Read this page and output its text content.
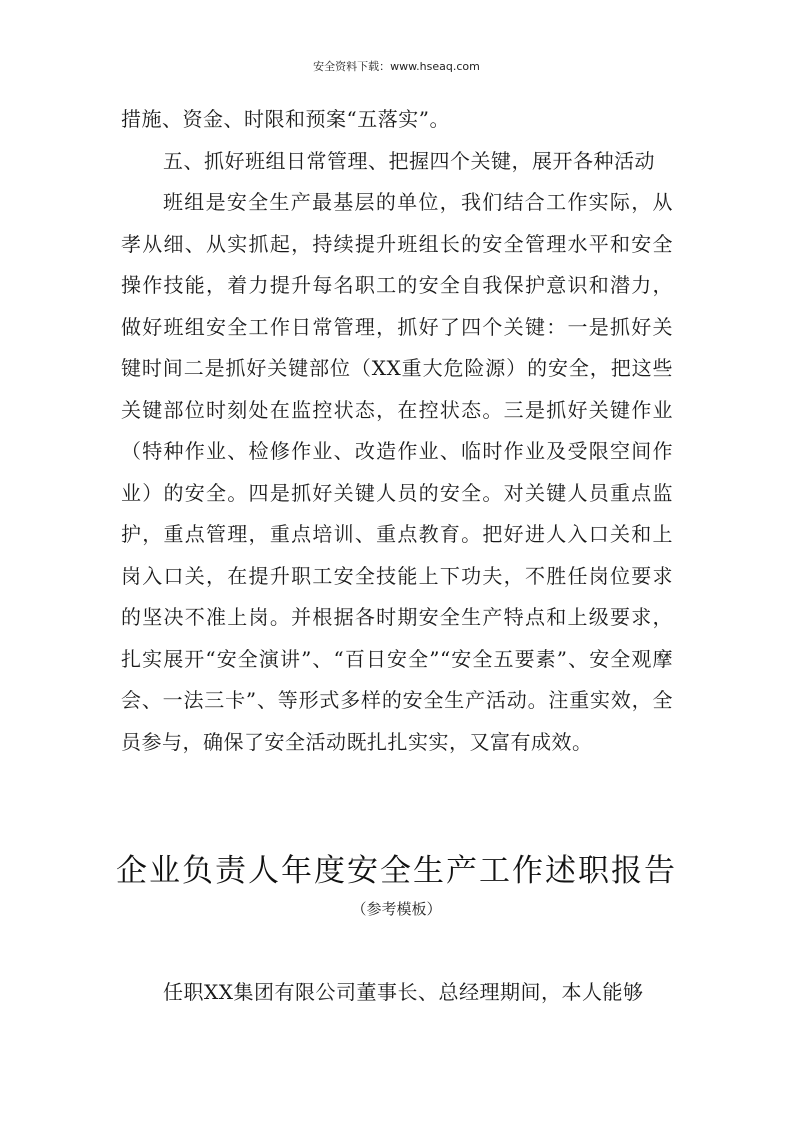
安全资料下载：www.hseaq.com

措施、资金、时限和预案“五落实”。

五、抓好班组日常管理、把握四个关键，展开各种活动

班组是安全生产最基层的单位，我们结合工作实际，从孝从细、从实抓起，持续提升班组长的安全管理水平和安全操作技能，着力提升每名职工的安全自我保护意识和潜力，做好班组安全工作日常管理，抓好了四个关键：一是抓好关键时间二是抓好关键部位（XX重大危险源）的安全，把这些关键部位时刻处在监控状态，在控状态。三是抓好关键作业（特种作业、检修作业、改造作业、临时作业及受限空间作业）的安全。四是抓好关键人员的安全。对关键人员重点监护，重点管理，重点培训、重点教育。把好进人入口关和上岗入口关，在提升职工安全技能上下功夫，不胜任岗位要求的坚决不准上岗。并根据各时期安全生产特点和上级要求，扎实展开“安全演讲”、“百日安全”“安全五要素”、安全观摩会、一法三卡”、等形式多样的安全生产活动。注重实效，全员参与，确保了安全活动既扎扎实实，又富有成效。

企业负责人年度安全生产工作述职报告
（参考模板）

任职XX集团有限公司董事长、总经理期间，本人能够
